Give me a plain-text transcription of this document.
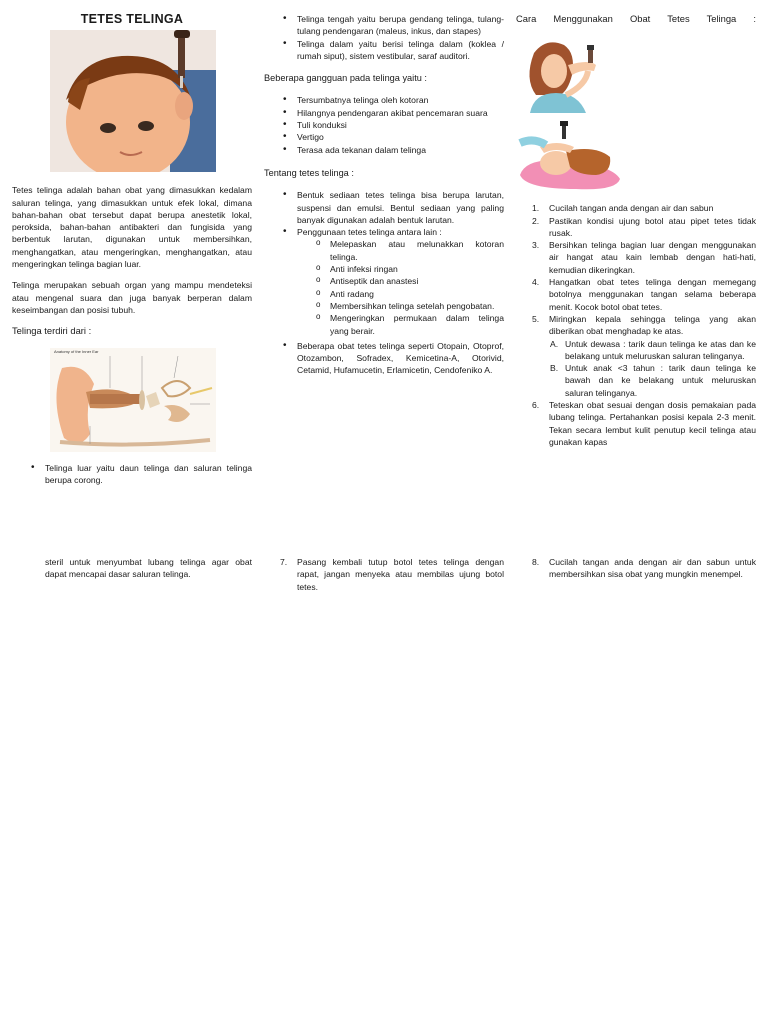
TETES TELINGA

Tetes telinga adalah bahan obat yang dimasukkan kedalam saluran telinga, yang dimasukkan untuk efek lokal, dimana bahan-bahan obat tersebut dapat berupa anestetik lokal, peroksida, bahan-bahan antibakteri dan fungisida yang berbentuk larutan, digunakan untuk membersihkan, menghangatkan, atau mengeringkan, menghangatkan, atau mengeringkan telinga bagian luar.

Telinga merupakan sebuah organ yang mampu mendeteksi atau mengenal suara dan juga banyak berperan dalam keseimbangan dan posisi tubuh.

Telinga terdiri dari :

Anatomy of the Inner Ear
• Telinga luar yaitu daun telinga dan saluran telinga berupa corong.
• Telinga tengah yaitu berupa gendang telinga, tulang-tulang pendengaran (maleus, inkus, dan stapes)
• Telinga dalam yaitu berisi telinga dalam (koklea / rumah siput), sistem vestibular, saraf auditori.

Beberapa gangguan pada telinga yaitu :

• Tersumbatnya telinga oleh kotoran
• Hilangnya pendengaran akibat pencemaran suara
• Tuli konduksi
• Vertigo
• Terasa ada tekanan dalam telinga

Tentang tetes telinga :

• Bentuk sediaan tetes telinga bisa berupa larutan, suspensi dan emulsi. Bentul sediaan yang paling banyak digunakan adalah bentuk larutan.
• Penggunaan tetes telinga antara lain :
o Melepaskan atau melunakkan kotoran telinga.
o Anti infeksi ringan
o Antiseptik dan anastesi
o Anti radang
o Membersihkan telinga setelah pengobatan.
o Mengeringkan permukaan dalam telinga yang berair.
• Beberapa obat tetes telinga seperti Otopain, Otoprof, Otozambon, Sofradex, Kemicetina-A, Otorivid, Cetamid, Hufamucetin, Erlamicetin, Cendofeniko A.

Cara Menggunakan Obat Tetes Telinga :

1. Cucilah tangan anda dengan air dan sabun
2. Pastikan kondisi ujung botol atau pipet tetes tidak rusak.
3. Bersihkan telinga bagian luar dengan menggunakan air hangat atau kain lembab dengan hati-hati, kemudian dikeringkan.
4. Hangatkan obat tetes telinga dengan memegang botolnya menggunakan tangan selama beberapa menit. Kocok botol obat tetes.
5. Miringkan kepala sehingga telinga yang akan diberikan obat menghadap ke atas.
A. Untuk dewasa : tarik daun telinga ke atas dan ke belakang untuk meluruskan saluran telinganya.
B. Untuk anak <3 tahun : tarik daun telinga ke bawah dan ke belakang untuk meluruskan saluran telinganya.
6. Teteskan obat sesuai dengan dosis pemakaian pada lubang telinga. Pertahankan posisi kepala 2-3 menit. Tekan secara lembut kulit penutup kecil telinga atau gunakan kapas

steril untuk menyumbat lubang telinga agar obat dapat mencapai dasar saluran telinga.

7. Pasang kembali tutup botol tetes telinga dengan rapat, jangan menyeka atau membilas ujung botol tetes.
8. Cucilah tangan anda dengan air dan sabun untuk membersihkan sisa obat yang mungkin menempel.
